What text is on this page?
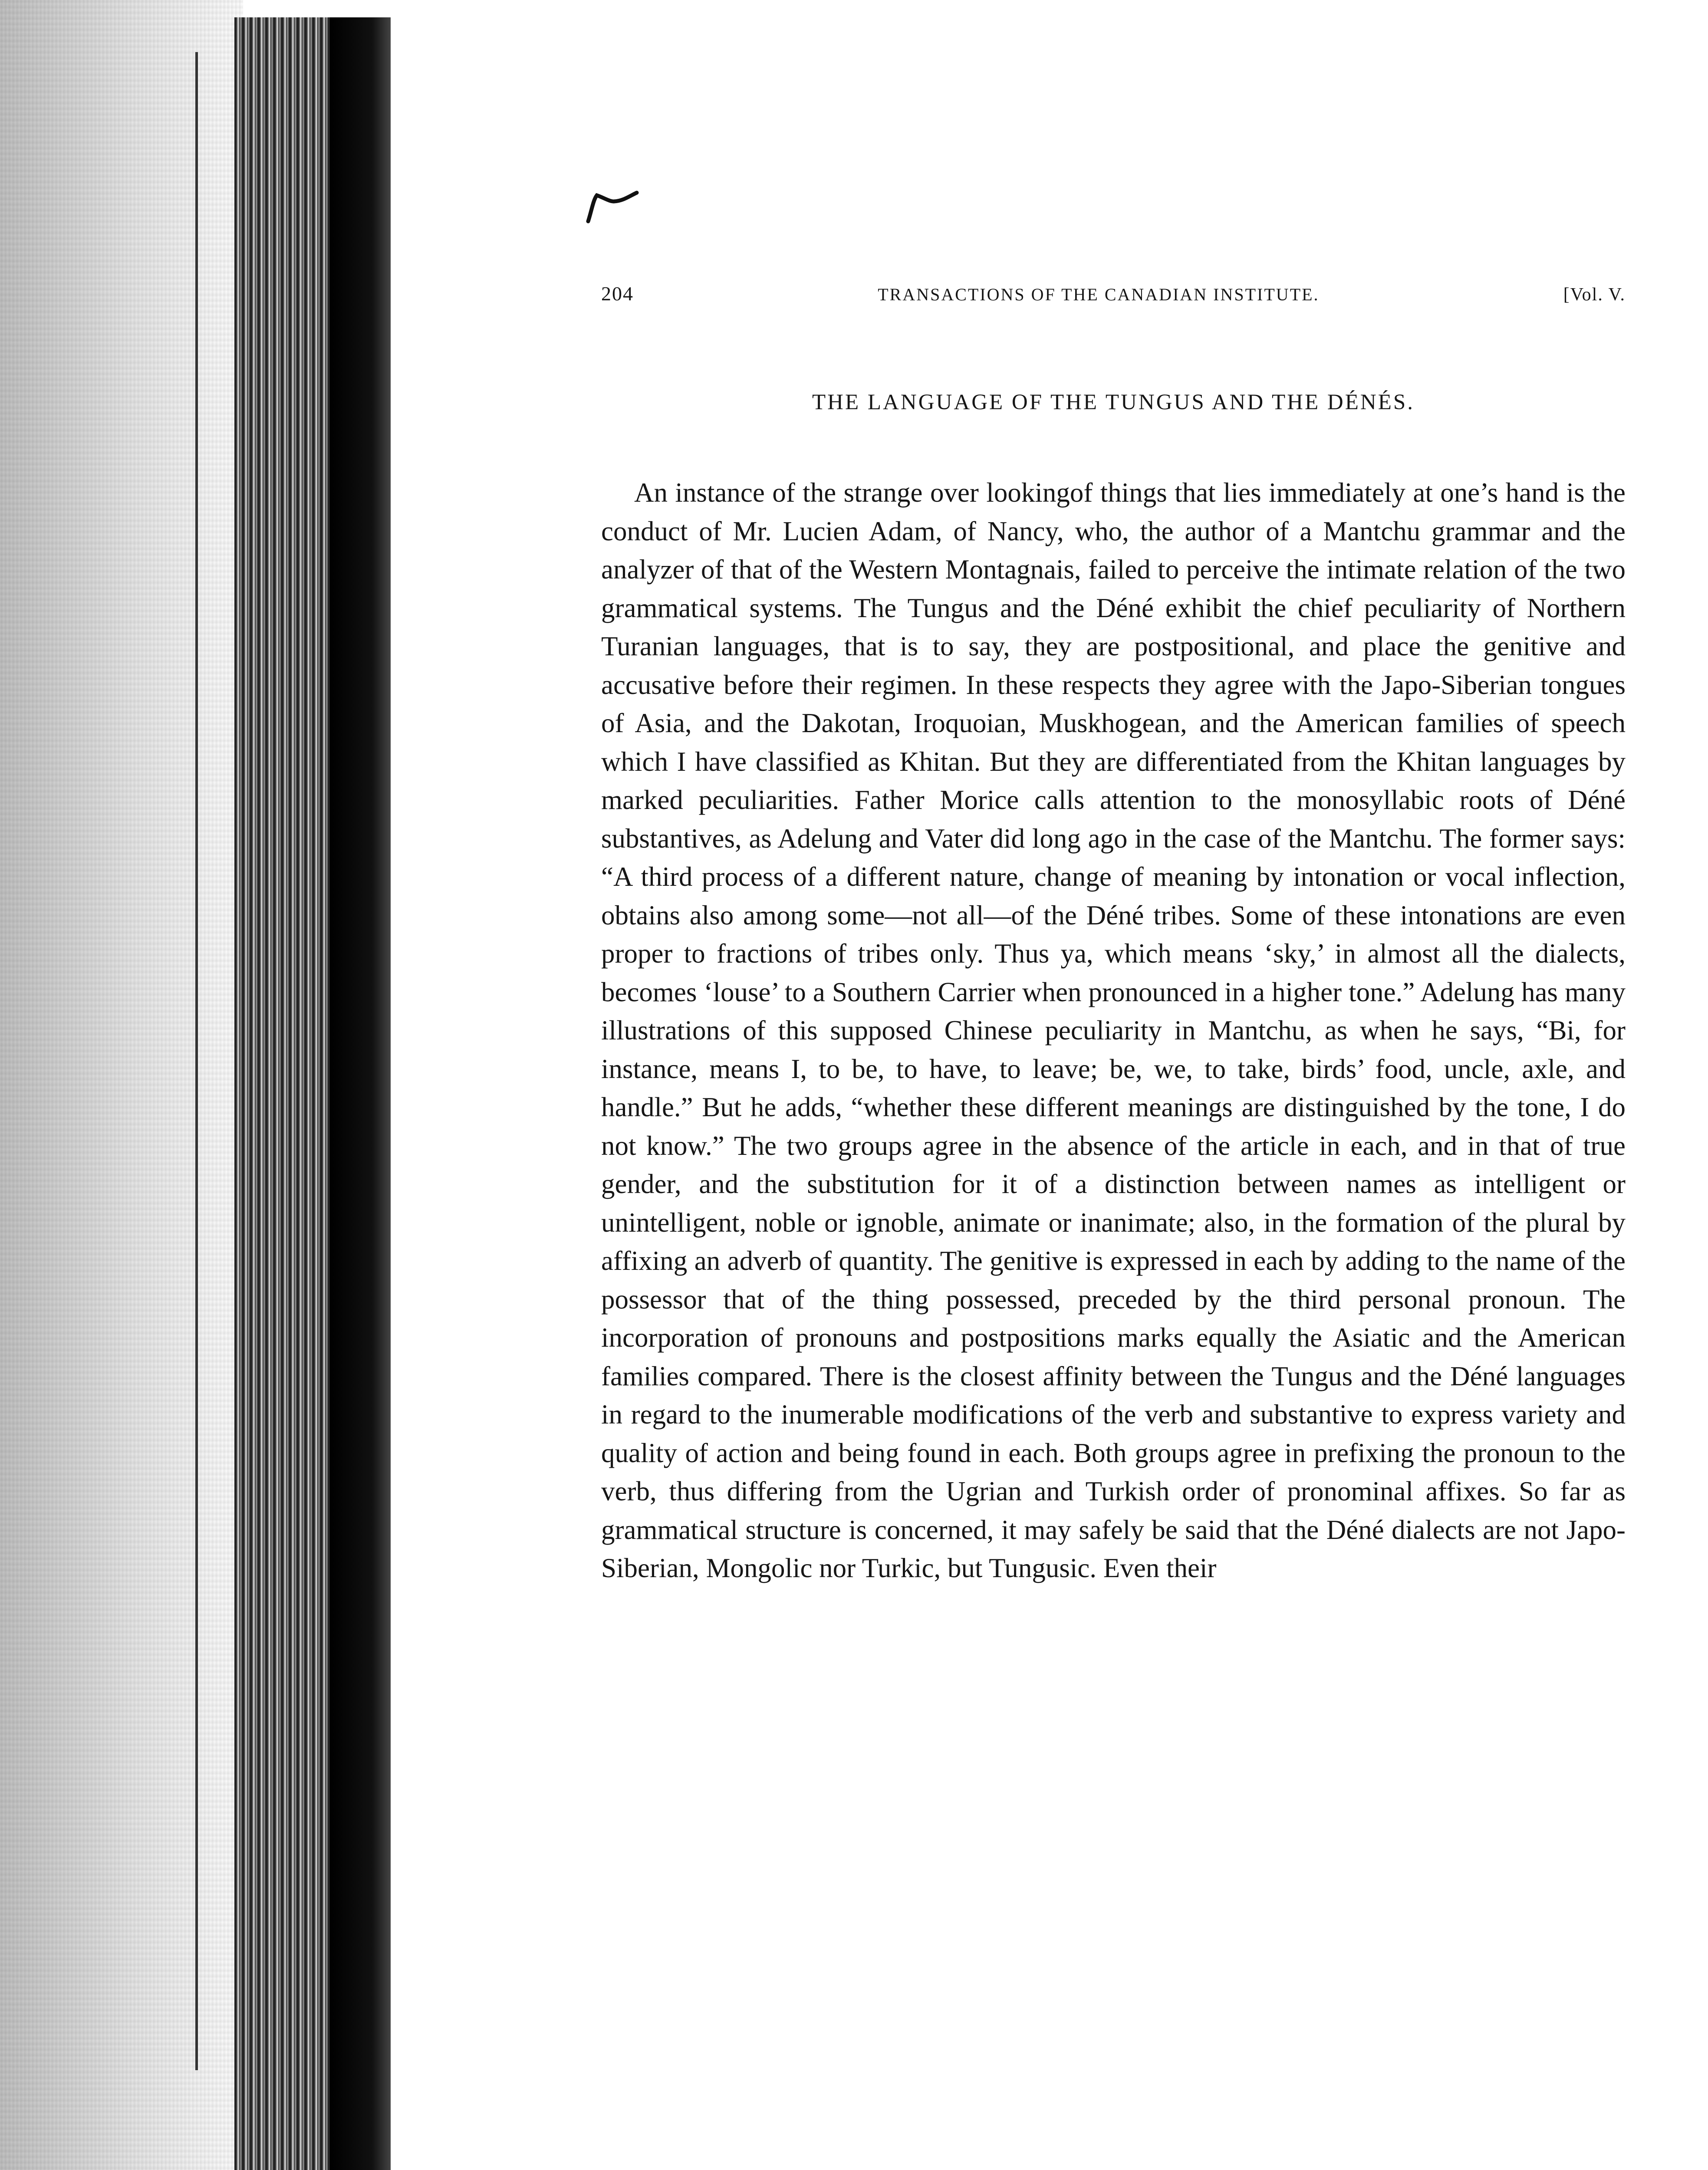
204	TRANSACTIONS OF THE CANADIAN INSTITUTE.	[Vol. V.
THE LANGUAGE OF THE TUNGUS AND THE DÉNÉS.

An instance of the strange over lookingof things that lies immediately at one’s hand is the conduct of Mr. Lucien Adam, of Nancy, who, the author of a Mantchu grammar and the analyzer of that of the Western Montagnais, failed to perceive the intimate relation of the two grammatical systems. The Tungus and the Déné exhibit the chief peculiarity of Northern Turanian languages, that is to say, they are postpositional, and place the genitive and accusative before their regimen. In these respects they agree with the Japo-Siberian tongues of Asia, and the Dakotan, Iroquoian, Muskhogean, and the American families of speech which I have classified as Khitan. But they are differentiated from the Khitan languages by marked peculiarities. Father Morice calls attention to the monosyllabic roots of Déné substantives, as Adelung and Vater did long ago in the case of the Mantchu. The former says: “A third process of a different nature, change of meaning by intonation or vocal inflection, obtains also among some—not all—of the Déné tribes. Some of these intonations are even proper to fractions of tribes only. Thus ya, which means ‘sky,’ in almost all the dialects, becomes ‘louse’ to a Southern Carrier when pronounced in a higher tone.” Adelung has many illustrations of this supposed Chinese peculiarity in Mantchu, as when he says, “Bi, for instance, means I, to be, to have, to leave; be, we, to take, birds’ food, uncle, axle, and handle.” But he adds, “whether these different meanings are distinguished by the tone, I do not know.” The two groups agree in the absence of the article in each, and in that of true gender, and the substitution for it of a distinction between names as intelligent or unintelligent, noble or ignoble, animate or inanimate; also, in the formation of the plural by affixing an adverb of quantity. The genitive is expressed in each by adding to the name of the possessor that of the thing possessed, preceded by the third personal pronoun. The incorporation of pronouns and postpositions marks equally the Asiatic and the American families compared. There is the closest affinity between the Tungus and the Déné languages in regard to the inumerable modifications of the verb and substantive to express variety and quality of action and being found in each. Both groups agree in prefixing the pronoun to the verb, thus differing from the Ugrian and Turkish order of pronominal affixes. So far as grammatical structure is concerned, it may safely be said that the Déné dialects are not Japo-Siberian, Mongolic nor Turkic, but Tungusic. Even their
